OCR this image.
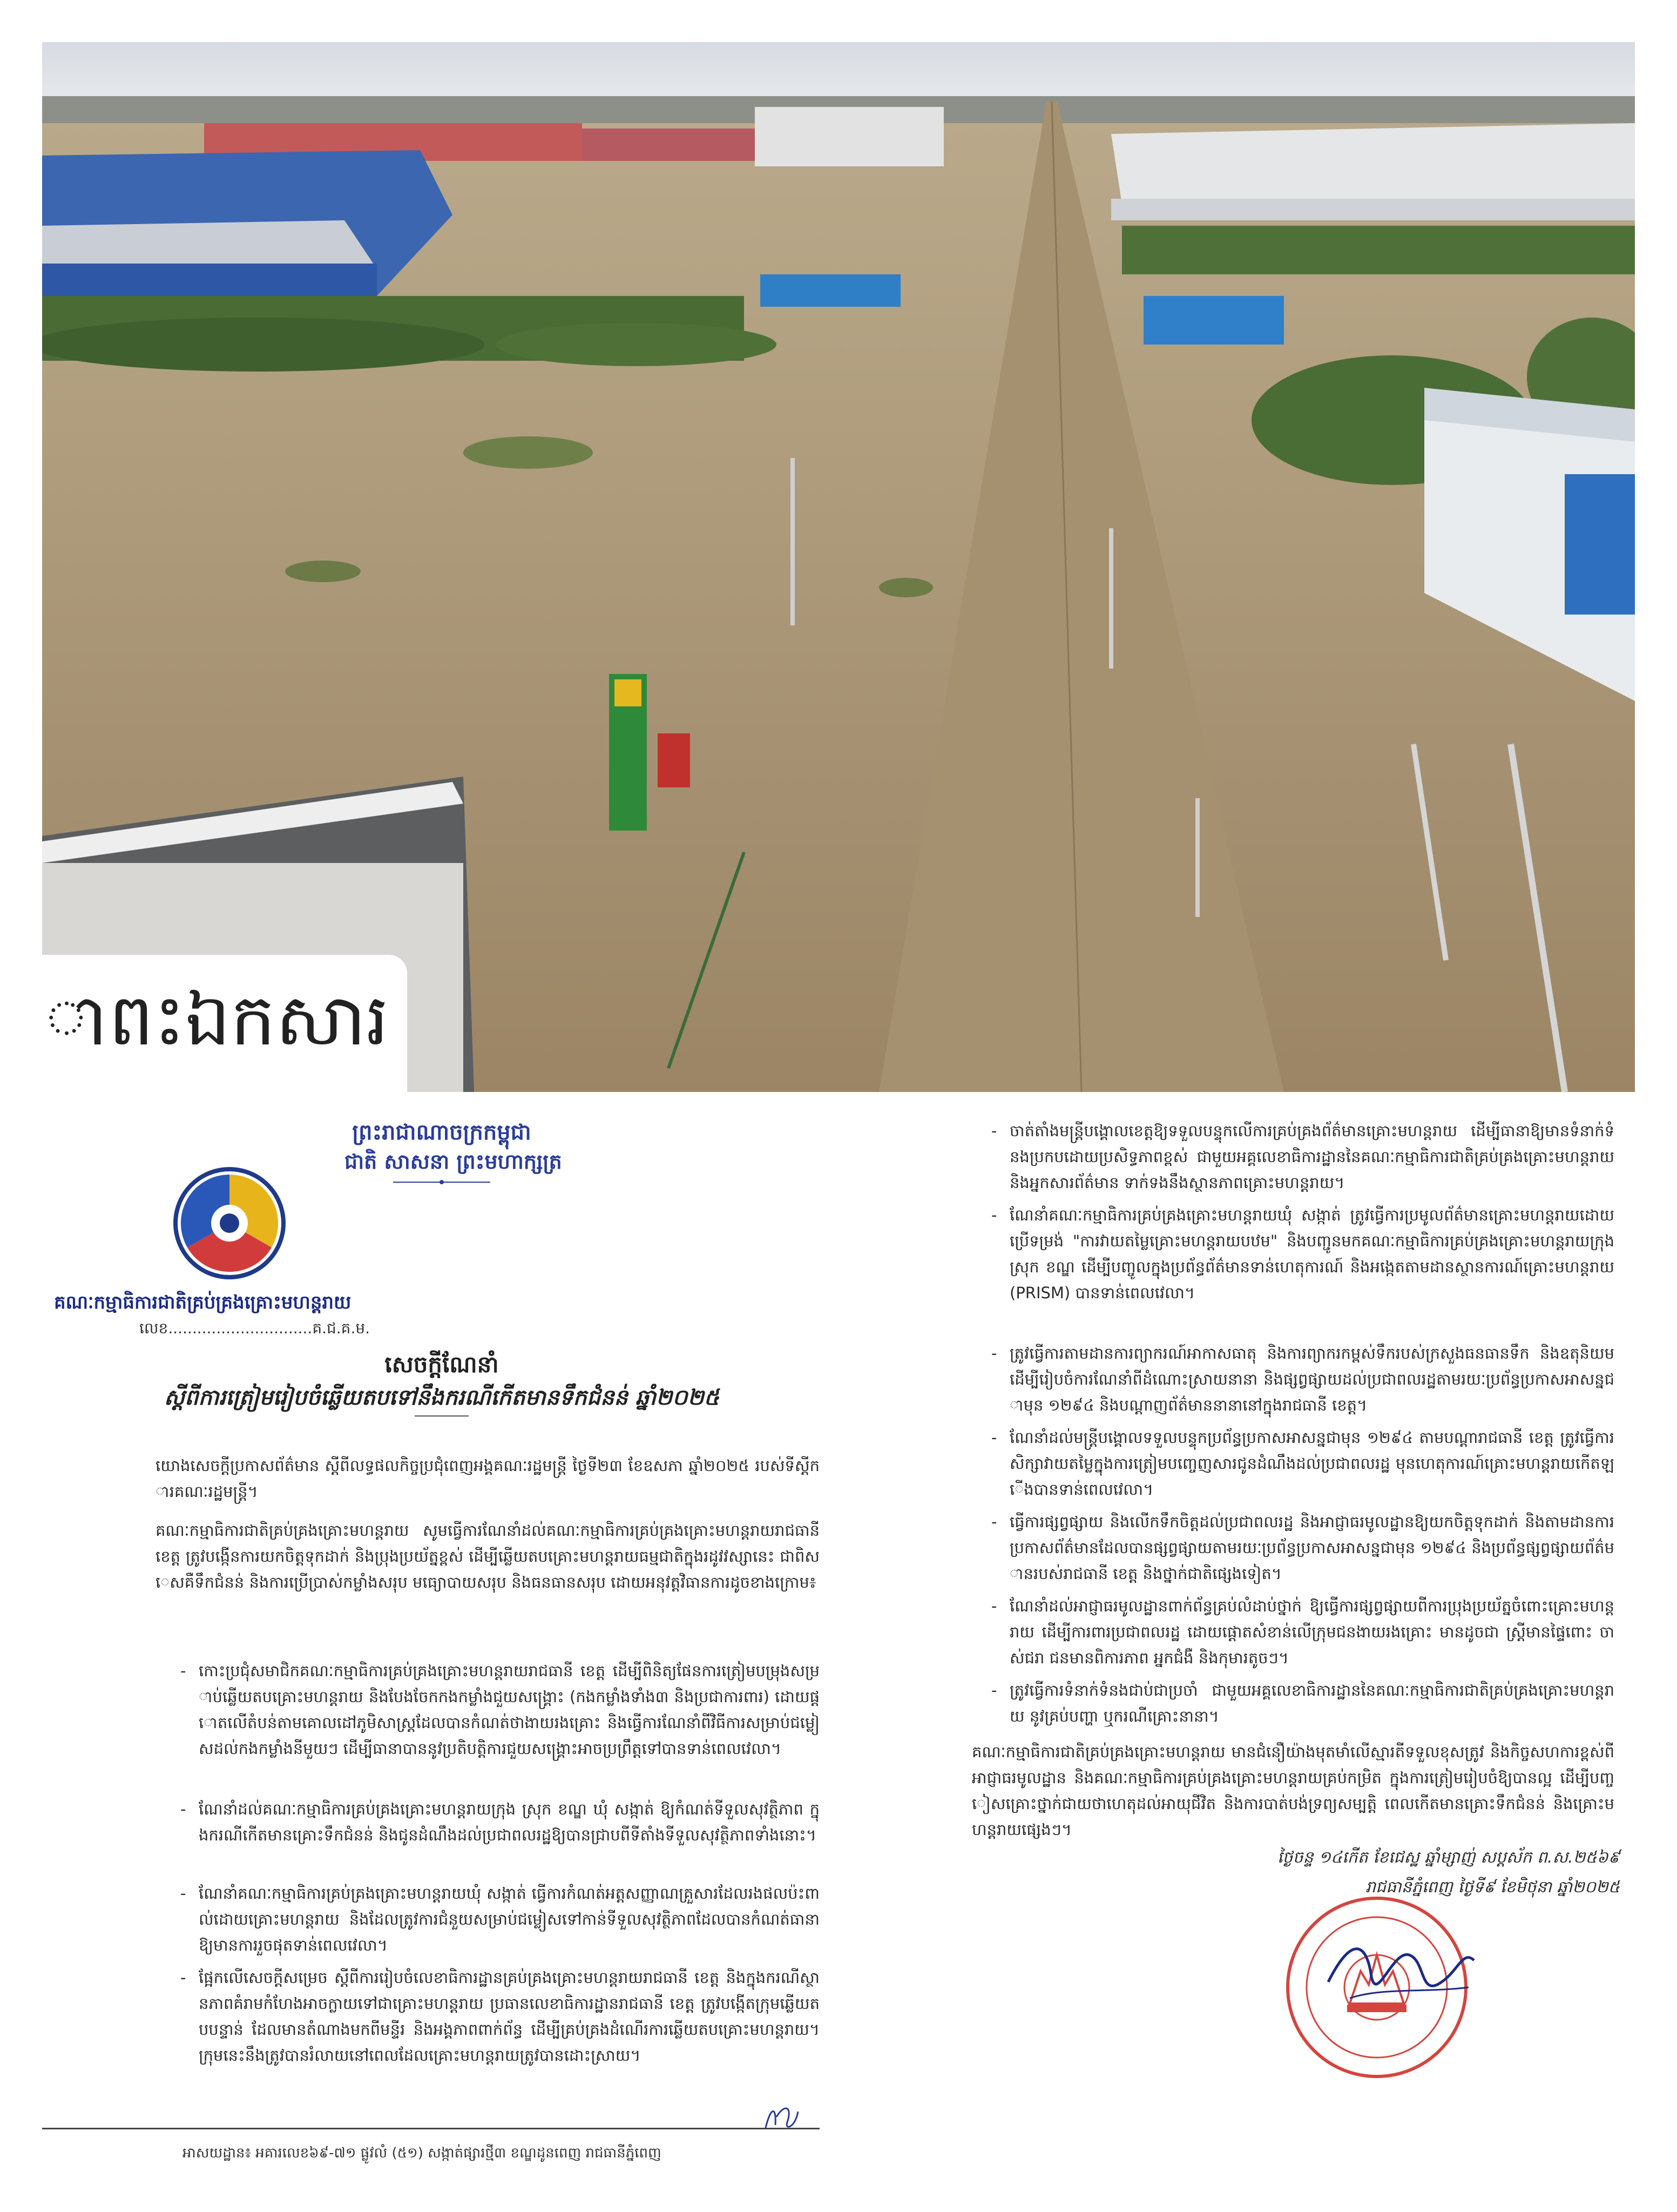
ាពះឯកសារ
ព្រះរាជាណាចក្រកម្ពុជា
ជាតិ សាសនា ព្រះមហាក្សត្រ
គណៈកម្មាធិការជាតិគ្រប់គ្រងគ្រោះមហន្តរាយ
លេខ..............................គ.ជ.គ.ម.
សេចក្តីណែនាំ
ស្តីពីការត្រៀមរៀបចំឆ្លើយតបទៅនឹងករណីកើតមានទឹកជំនន់ ឆ្នាំ២០២៥

យោងសេចក្តីប្រកាសព័ត៌មាន ស្តីពីលទ្ធផលកិច្ចប្រជុំពេញអង្គគណៈរដ្ឋមន្ត្រី ថ្ងៃទី២៣ ខែឧសភា ឆ្នាំ២០២៥ របស់ទីស្តីការគណៈរដ្ឋមន្ត្រី។

គណៈកម្មាធិការជាតិគ្រប់គ្រងគ្រោះមហន្តរាយ សូមធ្វើការណែនាំដល់គណៈកម្មាធិការគ្រប់គ្រងគ្រោះមហន្តរាយរាជធានី ខេត្ត ត្រូវបង្កើនការយកចិត្តទុកដាក់ និងប្រុងប្រយ័ត្នខ្ពស់ ដើម្បីឆ្លើយតបគ្រោះមហន្តរាយធម្មជាតិក្នុងរដូវវស្សានេះ ជាពិសេសគឺទឹកជំនន់ និងការប្រើប្រាស់កម្លាំងសរុប មធ្យោបាយសរុប និងធនធានសរុប ដោយអនុវត្តវិធានការដូចខាងក្រោម៖

- កោះប្រជុំសមាជិកគណៈកម្មាធិការគ្រប់គ្រងគ្រោះមហន្តរាយរាជធានី ខេត្ត ដើម្បីពិនិត្យផែនការត្រៀមបម្រុងសម្រាប់ឆ្លើយតបគ្រោះមហន្តរាយ និងបែងចែកកងកម្លាំងជួយសង្គ្រោះ (កងកម្លាំងទាំង៣ និងប្រជាការពារ) ដោយផ្តោតលើតំបន់តាមគោលដៅភូមិសាស្ត្រដែលបានកំណត់ថាងាយរងគ្រោះ និងធ្វើការណែនាំពីវិធីការសម្រាប់ជម្លៀសដល់កងកម្លាំងនីមួយៗ ដើម្បីធានាបាននូវប្រតិបត្តិការជួយសង្គ្រោះអាចប្រព្រឹត្តទៅបានទាន់ពេលវេលា។
- ណែនាំដល់គណៈកម្មាធិការគ្រប់គ្រងគ្រោះមហន្តរាយក្រុង ស្រុក ខណ្ឌ ឃុំ សង្កាត់ ឱ្យកំណត់ទីទួលសុវត្ថិភាព ក្នុងករណីកើតមានគ្រោះទឹកជំនន់ និងជូនដំណឹងដល់ប្រជាពលរដ្ឋឱ្យបានជ្រាបពីទីតាំងទីទួលសុវត្ថិភាពទាំងនោះ។
- ណែនាំគណៈកម្មាធិការគ្រប់គ្រងគ្រោះមហន្តរាយឃុំ សង្កាត់ ធ្វើការកំណត់អត្តសញ្ញាណគ្រួសារដែលរងផលប៉ះពាល់ដោយគ្រោះមហន្តរាយ និងដែលត្រូវការជំនួយសម្រាប់ជម្លៀសទៅកាន់ទីទួលសុវត្ថិភាពដែលបានកំណត់ធានាឱ្យមានការរួចផុតទាន់ពេលវេលា។
- ផ្អែកលើសេចក្តីសម្រេច ស្តីពីការរៀបចំលេខាធិការដ្ឋានគ្រប់គ្រងគ្រោះមហន្តរាយរាជធានី ខេត្ត និងក្នុងករណីស្ថានភាពគំរាមកំហែងអាចក្លាយទៅជាគ្រោះមហន្តរាយ ប្រធានលេខាធិការដ្ឋានរាជធានី ខេត្ត ត្រូវបង្កើតក្រុមឆ្លើយតបបន្ទាន់ ដែលមានតំណាងមកពីមន្ទីរ និងអង្គភាពពាក់ព័ន្ធ ដើម្បីគ្រប់គ្រងដំណើរការឆ្លើយតបគ្រោះមហន្តរាយ។ ក្រុមនេះនឹងត្រូវបានរំលាយនៅពេលដែលគ្រោះមហន្តរាយត្រូវបានដោះស្រាយ។
អាសយដ្ឋាន៖ អគារលេខ៦៩-៧១ ផ្លូវលំ (៥១) សង្កាត់ផ្សារថ្មី៣ ខណ្ឌដូនពេញ រាជធានីភ្នំពេញ
- ចាត់តាំងមន្ត្រីបង្គោលខេត្តឱ្យទទួលបន្ទុកលើការគ្រប់គ្រងព័ត៌មានគ្រោះមហន្តរាយ ដើម្បីធានាឱ្យមានទំនាក់ទំនងប្រកបដោយប្រសិទ្ធភាពខ្ពស់ ជាមួយអគ្គលេខាធិការដ្ឋាននៃគណៈកម្មាធិការជាតិគ្រប់គ្រងគ្រោះមហន្តរាយ និងអ្នកសារព័ត៌មាន ទាក់ទងនឹងស្ថានភាពគ្រោះមហន្តរាយ។
- ណែនាំគណៈកម្មាធិការគ្រប់គ្រងគ្រោះមហន្តរាយឃុំ សង្កាត់ ត្រូវធ្វើការប្រមូលព័ត៌មានគ្រោះមហន្តរាយដោយប្រើទម្រង់ "ការវាយតម្លៃគ្រោះមហន្តរាយបឋម" និងបញ្ជូនមកគណៈកម្មាធិការគ្រប់គ្រងគ្រោះមហន្តរាយក្រុង ស្រុក ខណ្ឌ ដើម្បីបញ្ចូលក្នុងប្រព័ន្ធព័ត៌មានទាន់ហេតុការណ៍ និងអង្កេតតាមដានស្ថានការណ៍គ្រោះមហន្តរាយ (PRISM) បានទាន់ពេលវេលា។
- ត្រូវធ្វើការតាមដានការព្យាករណ៍អាកាសធាតុ និងការព្យាករកម្ពស់ទឹករបស់ក្រសួងធនធានទឹក និងឧតុនិយម ដើម្បីរៀបចំការណែនាំពីដំណោះស្រាយនានា និងផ្សព្វផ្សាយដល់ប្រជាពលរដ្ឋតាមរយៈប្រព័ន្ធប្រកាសអាសន្នជាមុន ១២៩៤ និងបណ្តាញព័ត៌មាននានានៅក្នុងរាជធានី ខេត្ត។
- ណែនាំដល់មន្ត្រីបង្គោលទទួលបន្ទុកប្រព័ន្ធប្រកាសអាសន្នជាមុន ១២៩៤ តាមបណ្តារាជធានី ខេត្ត ត្រូវធ្វើការសិក្សាវាយតម្លៃក្នុងការត្រៀមបញ្ចេញសារជូនដំណឹងដល់ប្រជាពលរដ្ឋ មុនហេតុការណ៍គ្រោះមហន្តរាយកើតឡើងបានទាន់ពេលវេលា។
- ធ្វើការផ្សព្វផ្សាយ និងលើកទឹកចិត្តដល់ប្រជាពលរដ្ឋ និងអាជ្ញាធរមូលដ្ឋានឱ្យយកចិត្តទុកដាក់ និងតាមដានការប្រកាសព័ត៌មានដែលបានផ្សព្វផ្សាយតាមរយៈប្រព័ន្ធប្រកាសអាសន្នជាមុន ១២៩៤ និងប្រព័ន្ធផ្សព្វផ្សាយព័ត៌មានរបស់រាជធានី ខេត្ត និងថ្នាក់ជាតិផ្សេងទៀត។
- ណែនាំដល់អាជ្ញាធរមូលដ្ឋានពាក់ព័ន្ធគ្រប់លំដាប់ថ្នាក់ ឱ្យធ្វើការផ្សព្វផ្សាយពីការប្រុងប្រយ័ត្នចំពោះគ្រោះមហន្តរាយ ដើម្បីការពារប្រជាពលរដ្ឋ ដោយផ្តោតសំខាន់លើក្រុមជនងាយរងគ្រោះ មានដូចជា ស្ត្រីមានផ្ទៃពោះ ចាស់ជរា ជនមានពិការភាព អ្នកជំងឺ និងកុមារតូចៗ។
- ត្រូវធ្វើការទំនាក់ទំនងជាប់ជាប្រចាំ ជាមួយអគ្គលេខាធិការដ្ឋាននៃគណៈកម្មាធិការជាតិគ្រប់គ្រងគ្រោះមហន្តរាយ នូវគ្រប់បញ្ហា ឬករណីគ្រោះនានា។

គណៈកម្មាធិការជាតិគ្រប់គ្រងគ្រោះមហន្តរាយ មានជំនឿយ៉ាងមុតមាំលើស្មារតីទទួលខុសត្រូវ និងកិច្ចសហការខ្ពស់ពីអាជ្ញាធរមូលដ្ឋាន និងគណៈកម្មាធិការគ្រប់គ្រងគ្រោះមហន្តរាយគ្រប់កម្រិត ក្នុងការត្រៀមរៀបចំឱ្យបានល្អ ដើម្បីបញ្ចៀសគ្រោះថ្នាក់ជាយថាហេតុដល់អាយុជីវិត និងការបាត់បង់ទ្រព្យសម្បត្តិ ពេលកើតមានគ្រោះទឹកជំនន់ និងគ្រោះមហន្តរាយផ្សេងៗ។

ថ្ងៃចន្ទ ១៤កើត ខែជេស្ឋ ឆ្នាំម្សាញ់ សប្តស័ក ព.ស.២៥៦៩
រាជធានីភ្នំពេញ ថ្ងៃទី៩ ខែមិថុនា ឆ្នាំ២០២៥
